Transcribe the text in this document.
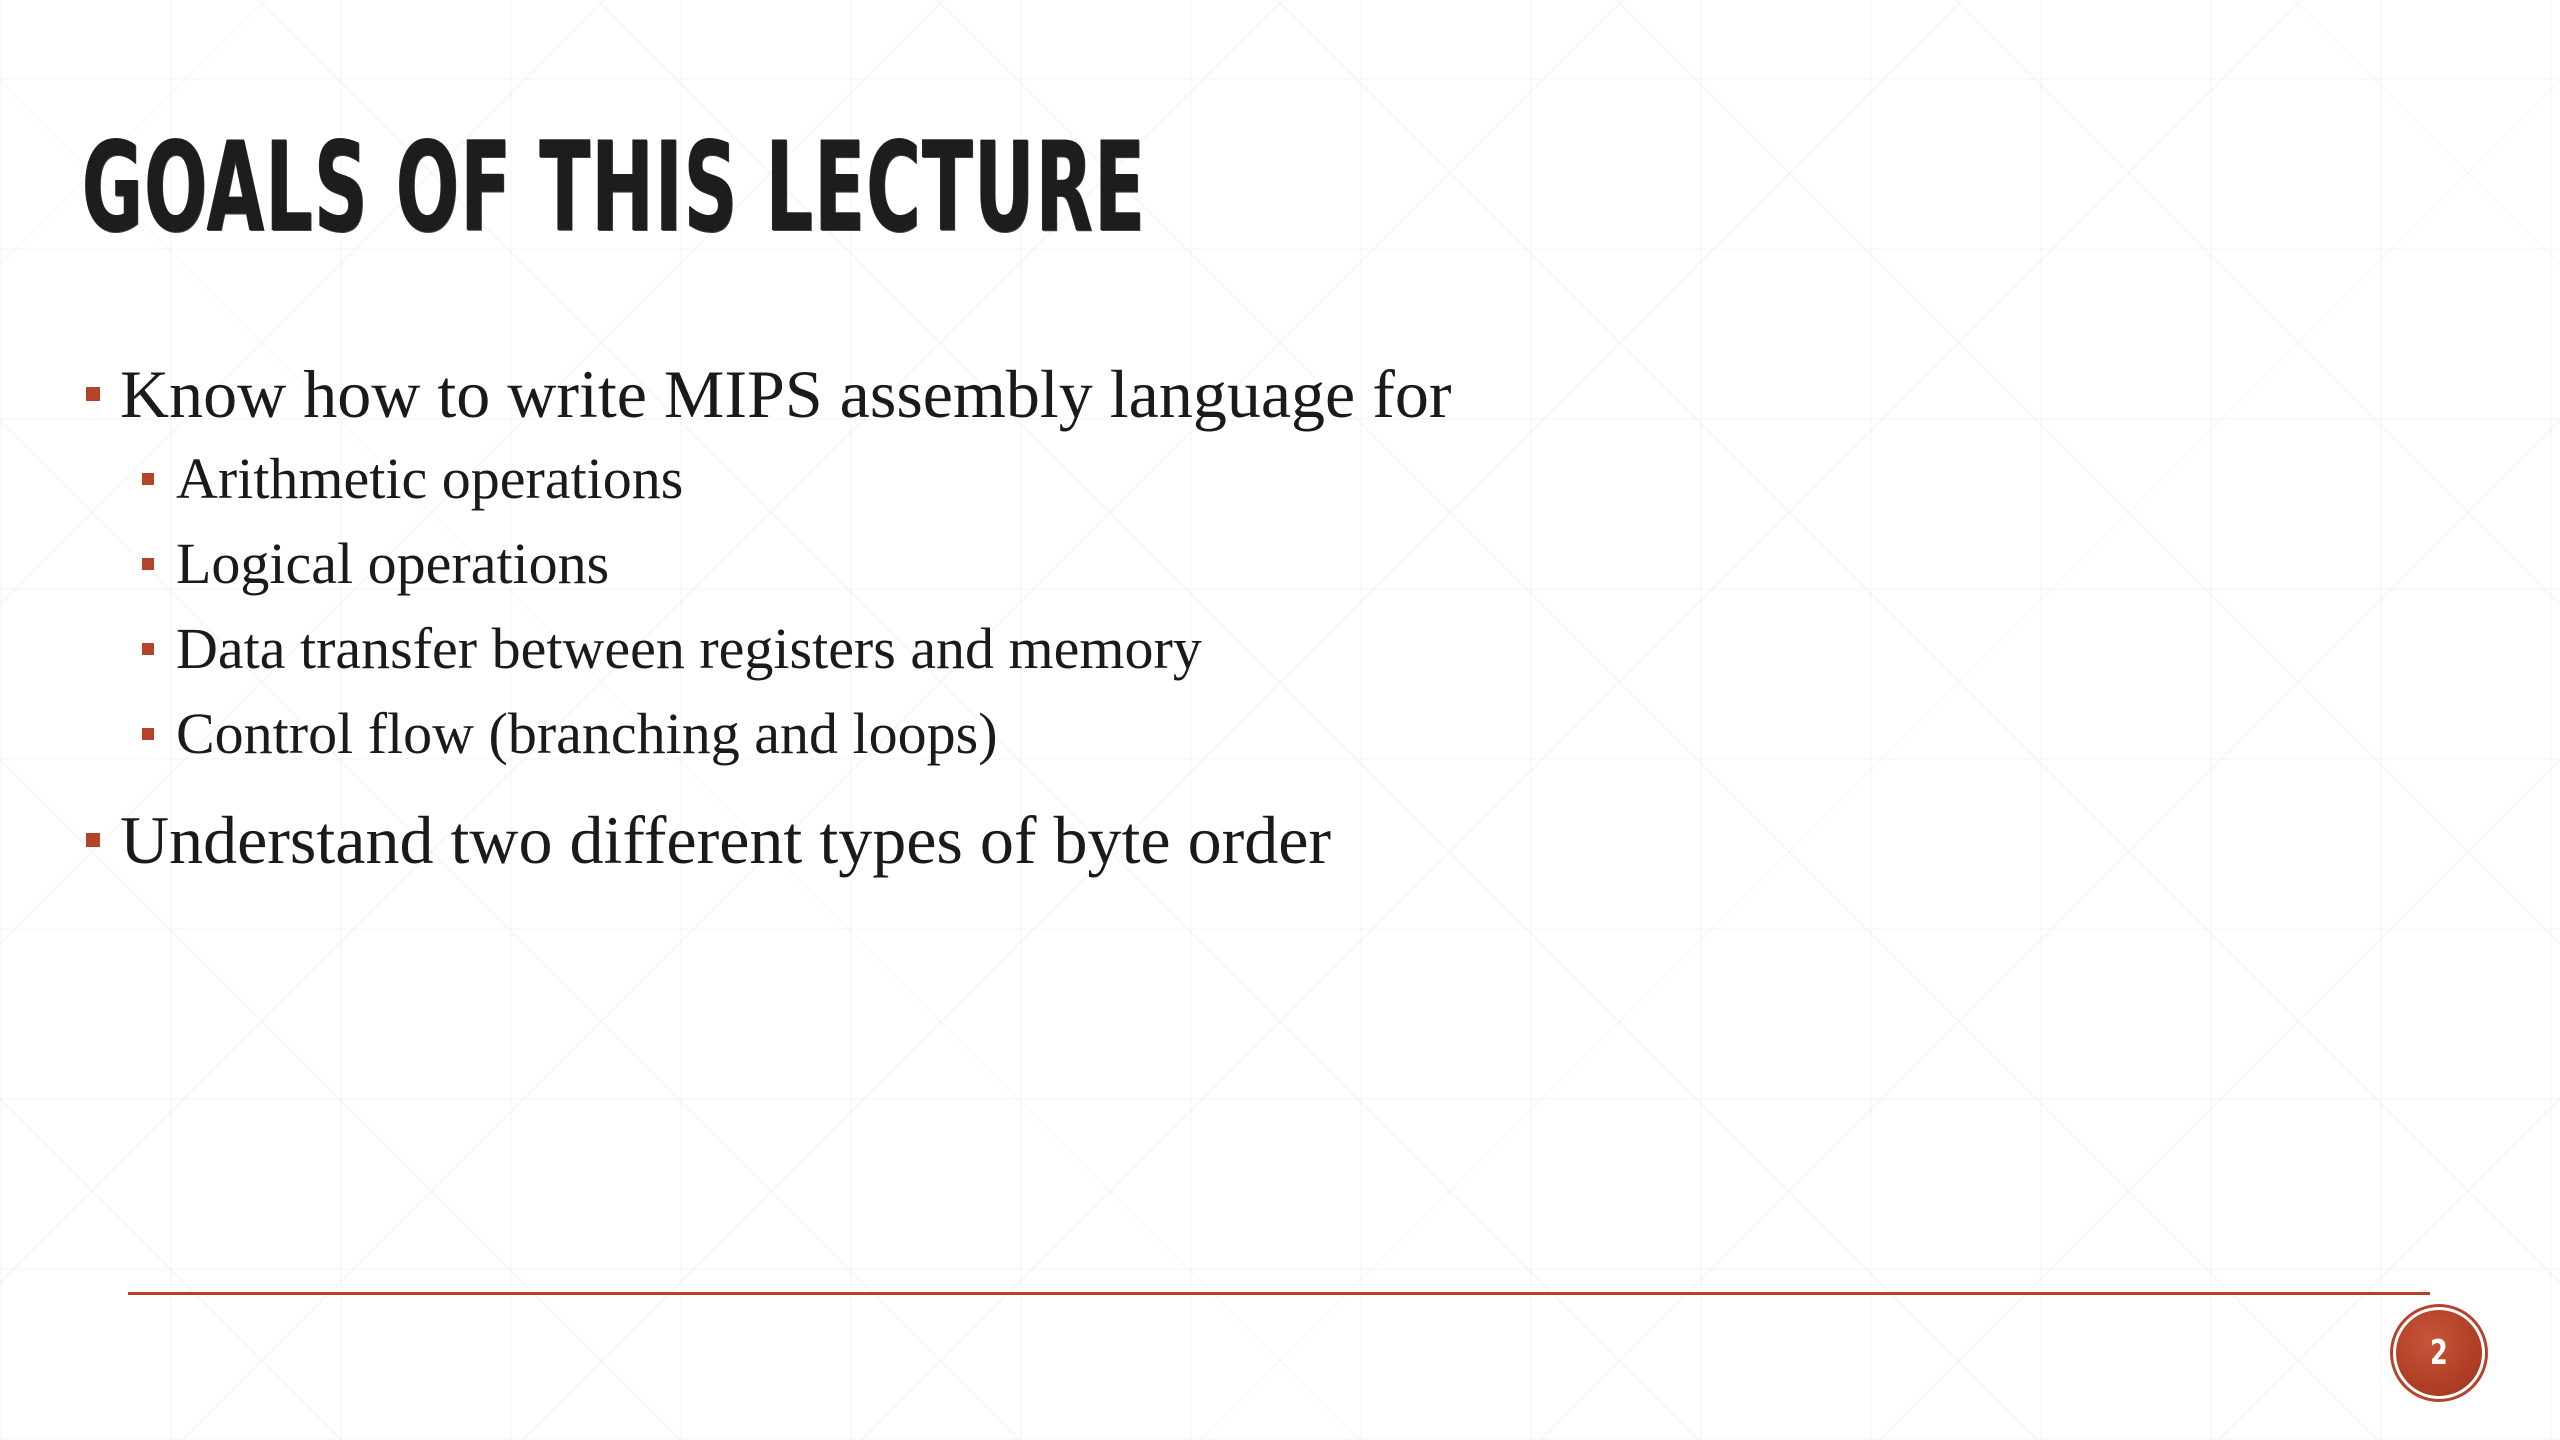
GOALS OF THIS LECTURE
Know how to write MIPS assembly language for
Arithmetic operations
Logical operations
Data transfer between registers and memory
Control flow (branching and loops)
Understand two different types of byte order
2
